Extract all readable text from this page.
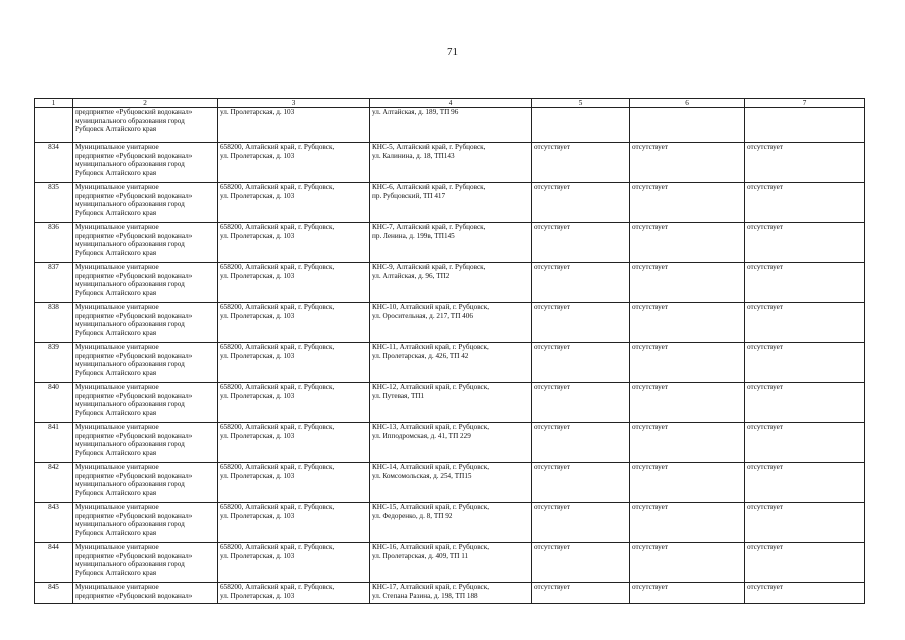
71
1	2	3	4	5	6	7

	предприятие «Рубцовский водоканал»
муниципального образования город
Рубцовск Алтайского края	ул. Пролетарская, д. 103	ул. Алтайская, д. 189, ТП 96			

834	Муниципальное унитарное
предприятие «Рубцовский водоканал»
муниципального образования город
Рубцовск Алтайского края	658200, Алтайский край, г. Рубцовск,
ул. Пролетарская, д. 103	КНС-5, Алтайский край, г. Рубцовск,
ул. Калинина, д. 18, ТП143	отсутствует	отсутствует	отсутствует
835	Муниципальное унитарное
предприятие «Рубцовский водоканал»
муниципального образования город
Рубцовск Алтайского края	658200, Алтайский край, г. Рубцовск,
ул. Пролетарская, д. 103	КНС-6, Алтайский край, г. Рубцовск,
пр. Рубцовский, ТП 417	отсутствует	отсутствует	отсутствует
836	Муниципальное унитарное
предприятие «Рубцовский водоканал»
муниципального образования город
Рубцовск Алтайского края	658200, Алтайский край, г. Рубцовск,
ул. Пролетарская, д. 103	КНС-7, Алтайский край, г. Рубцовск,
пр. Ленина, д. 199в, ТП145	отсутствует	отсутствует	отсутствует
837	Муниципальное унитарное
предприятие «Рубцовский водоканал»
муниципального образования город
Рубцовск Алтайского края	658200, Алтайский край, г. Рубцовск,
ул. Пролетарская, д. 103	КНС-9, Алтайский край, г. Рубцовск,
ул. Алтайская, д. 96, ТП2	отсутствует	отсутствует	отсутствует
838	Муниципальное унитарное
предприятие «Рубцовский водоканал»
муниципального образования город
Рубцовск Алтайского края	658200, Алтайский край, г. Рубцовск,
ул. Пролетарская, д. 103	КНС-10, Алтайский край, г. Рубцовск,
ул. Оросительная, д. 217, ТП 406	отсутствует	отсутствует	отсутствует
839	Муниципальное унитарное
предприятие «Рубцовский водоканал»
муниципального образования город
Рубцовск Алтайского края	658200, Алтайский край, г. Рубцовск,
ул. Пролетарская, д. 103	КНС-11, Алтайский край, г. Рубцовск,
ул. Пролетарская, д. 426, ТП 42	отсутствует	отсутствует	отсутствует
840	Муниципальное унитарное
предприятие «Рубцовский водоканал»
муниципального образования город
Рубцовск Алтайского края	658200, Алтайский край, г. Рубцовск,
ул. Пролетарская, д. 103	КНС-12, Алтайский край, г. Рубцовск,
ул. Путевая, ТП1	отсутствует	отсутствует	отсутствует
841	Муниципальное унитарное
предприятие «Рубцовский водоканал»
муниципального образования город
Рубцовск Алтайского края	658200, Алтайский край, г. Рубцовск,
ул. Пролетарская, д. 103	КНС-13, Алтайский край, г. Рубцовск,
ул. Ипподромская, д. 41, ТП 229	отсутствует	отсутствует	отсутствует
842	Муниципальное унитарное
предприятие «Рубцовский водоканал»
муниципального образования город
Рубцовск Алтайского края	658200, Алтайский край, г. Рубцовск,
ул. Пролетарская, д. 103	КНС-14, Алтайский край, г. Рубцовск,
ул. Комсомольская, д. 254, ТП15	отсутствует	отсутствует	отсутствует
843	Муниципальное унитарное
предприятие «Рубцовский водоканал»
муниципального образования город
Рубцовск Алтайского края	658200, Алтайский край, г. Рубцовск,
ул. Пролетарская, д. 103	КНС-15, Алтайский край, г. Рубцовск,
ул. Федоренко, д. 8, ТП 92	отсутствует	отсутствует	отсутствует
844	Муниципальное унитарное
предприятие «Рубцовский водоканал»
муниципального образования город
Рубцовск Алтайского края	658200, Алтайский край, г. Рубцовск,
ул. Пролетарская, д. 103	КНС-16, Алтайский край, г. Рубцовск,
ул. Пролетарская, д. 409, ТП 11	отсутствует	отсутствует	отсутствует
845	Муниципальное унитарное
предприятие «Рубцовский водоканал»	658200, Алтайский край, г. Рубцовск,
ул. Пролетарская, д. 103	КНС-17, Алтайский край, г. Рубцовск,
ул. Степана Разина, д. 198, ТП 188	отсутствует	отсутствует	отсутствует
